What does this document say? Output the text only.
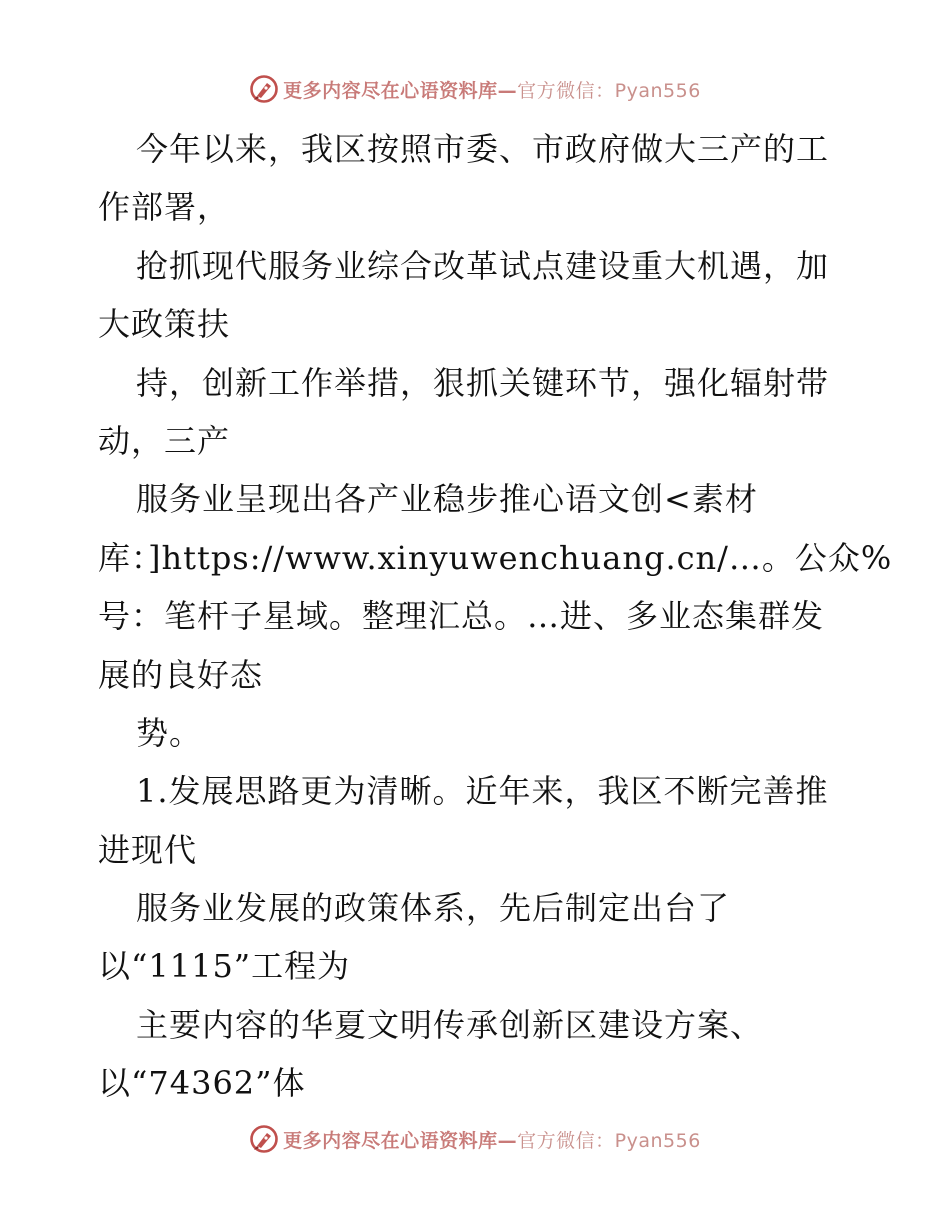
更多内容尽在心语资料库—官方微信：Pyan556
今年以来，我区按照市委、市政府做大三产的工
作部署，
抢抓现代服务业综合改革试点建设重大机遇，加
大政策扶
持，创新工作举措，狠抓关键环节，强化辐射带
动，三产
服务业呈现出各产业稳步推心语文创<素材
库：]https://www.xinyuwenchuang.cn/…。公众%
号：笔杆子星域。整理汇总。…进、多业态集群发
展的良好态
势。
1.发展思路更为清晰。近年来，我区不断完善推
进现代
服务业发展的政策体系，先后制定出台了
以“1115”工程为
主要内容的华夏文明传承创新区建设方案、
以“74362”体
更多内容尽在心语资料库—官方微信：Pyan556
